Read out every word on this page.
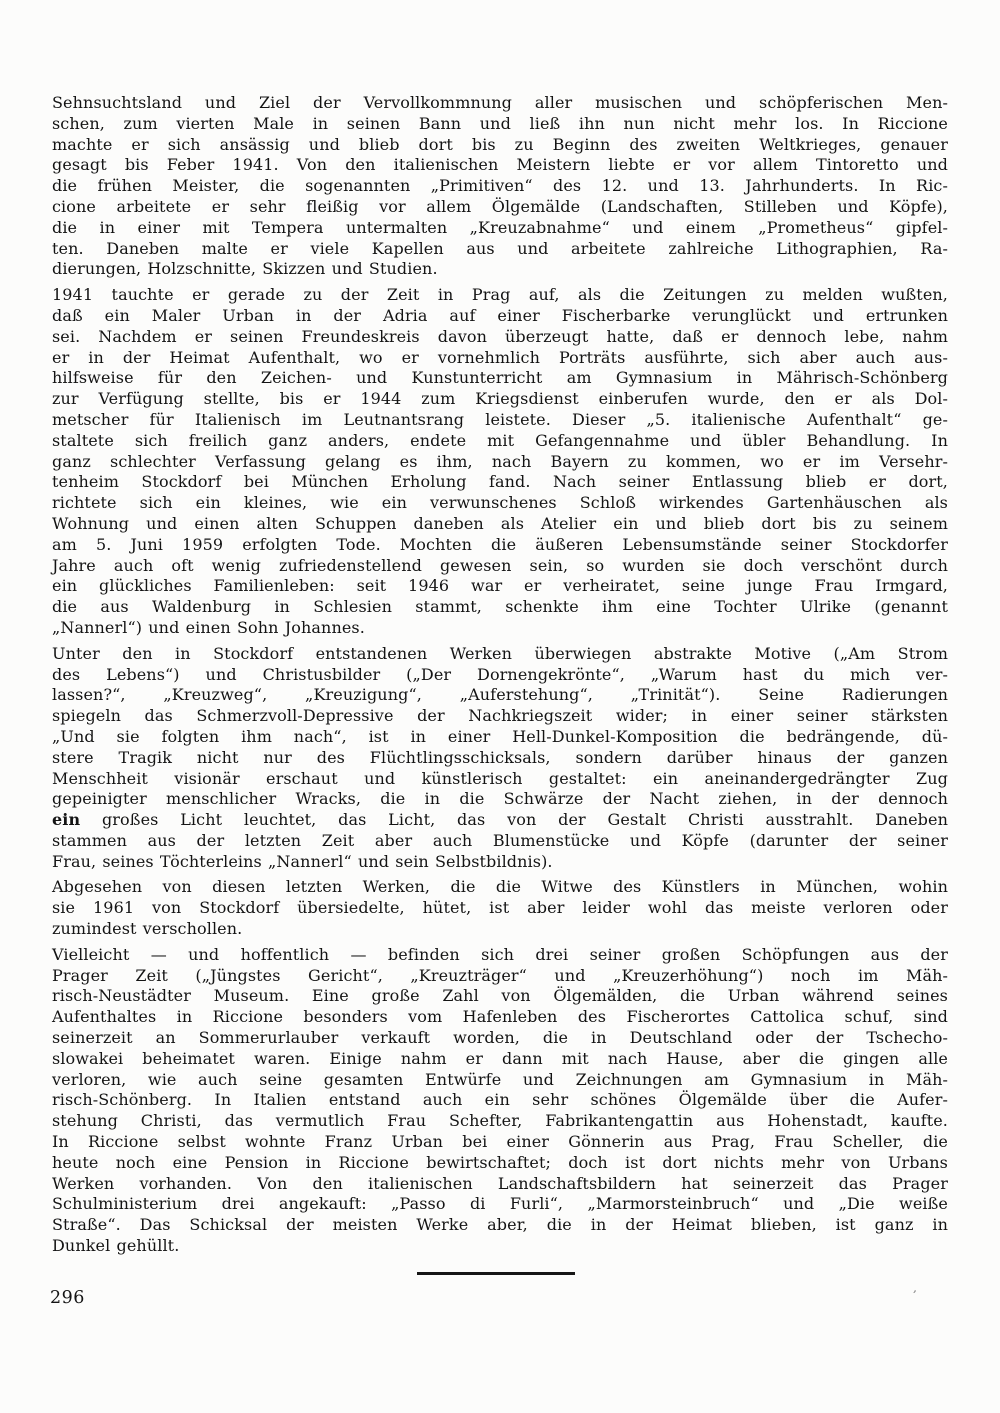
Sehnsuchtsland und Ziel der Vervollkommnung aller musischen und schöpferischen Men-
schen, zum vierten Male in seinen Bann und ließ ihn nun nicht mehr los. In Riccione
machte er sich ansässig und blieb dort bis zu Beginn des zweiten Weltkrieges, genauer
gesagt bis Feber 1941. Von den italienischen Meistern liebte er vor allem Tintoretto und
die frühen Meister, die sogenannten „Primitiven“ des 12. und 13. Jahrhunderts. In Ric-
cione arbeitete er sehr fleißig vor allem Ölgemälde (Landschaften, Stilleben und Köpfe),
die in einer mit Tempera untermalten „Kreuzabnahme“ und einem „Prometheus“ gipfel-
ten. Daneben malte er viele Kapellen aus und arbeitete zahlreiche Lithographien, Ra-
dierungen, Holzschnitte, Skizzen und Studien.
1941 tauchte er gerade zu der Zeit in Prag auf, als die Zeitungen zu melden wußten,
daß ein Maler Urban in der Adria auf einer Fischerbarke verunglückt und ertrunken
sei. Nachdem er seinen Freundeskreis davon überzeugt hatte, daß er dennoch lebe, nahm
er in der Heimat Aufenthalt, wo er vornehmlich Porträts ausführte, sich aber auch aus-
hilfsweise für den Zeichen- und Kunstunterricht am Gymnasium in Mährisch-Schönberg
zur Verfügung stellte, bis er 1944 zum Kriegsdienst einberufen wurde, den er als Dol-
metscher für Italienisch im Leutnantsrang leistete. Dieser „5. italienische Aufenthalt“ ge-
staltete sich freilich ganz anders, endete mit Gefangennahme und übler Behandlung. In
ganz schlechter Verfassung gelang es ihm, nach Bayern zu kommen, wo er im Versehr-
tenheim Stockdorf bei München Erholung fand. Nach seiner Entlassung blieb er dort,
richtete sich ein kleines, wie ein verwunschenes Schloß wirkendes Gartenhäuschen als
Wohnung und einen alten Schuppen daneben als Atelier ein und blieb dort bis zu seinem
am 5. Juni 1959 erfolgten Tode. Mochten die äußeren Lebensumstände seiner Stockdorfer
Jahre auch oft wenig zufriedenstellend gewesen sein, so wurden sie doch verschönt durch
ein glückliches Familienleben: seit 1946 war er verheiratet, seine junge Frau Irmgard,
die aus Waldenburg in Schlesien stammt, schenkte ihm eine Tochter Ulrike (genannt
„Nannerl“) und einen Sohn Johannes.
Unter den in Stockdorf entstandenen Werken überwiegen abstrakte Motive („Am Strom
des Lebens“) und Christusbilder („Der Dornengekrönte“, „Warum hast du mich ver-
lassen?“, „Kreuzweg“, „Kreuzigung“, „Auferstehung“, „Trinität“). Seine Radierungen
spiegeln das Schmerzvoll-Depressive der Nachkriegszeit wider; in einer seiner stärksten
„Und sie folgten ihm nach“, ist in einer Hell-Dunkel-Komposition die bedrängende, dü-
stere Tragik nicht nur des Flüchtlingsschicksals, sondern darüber hinaus der ganzen
Menschheit visionär erschaut und künstlerisch gestaltet: ein aneinandergedrängter Zug
gepeinigter menschlicher Wracks, die in die Schwärze der Nacht ziehen, in der dennoch
ein großes Licht leuchtet, das Licht, das von der Gestalt Christi ausstrahlt. Daneben
stammen aus der letzten Zeit aber auch Blumenstücke und Köpfe (darunter der seiner
Frau, seines Töchterleins „Nannerl“ und sein Selbstbildnis).
Abgesehen von diesen letzten Werken, die die Witwe des Künstlers in München, wohin
sie 1961 von Stockdorf übersiedelte, hütet, ist aber leider wohl das meiste verloren oder
zumindest verschollen.
Vielleicht — und hoffentlich — befinden sich drei seiner großen Schöpfungen aus der
Prager Zeit („Jüngstes Gericht“, „Kreuzträger“ und „Kreuzerhöhung“) noch im Mäh-
risch-Neustädter Museum. Eine große Zahl von Ölgemälden, die Urban während seines
Aufenthaltes in Riccione besonders vom Hafenleben des Fischerortes Cattolica schuf, sind
seinerzeit an Sommerurlauber verkauft worden, die in Deutschland oder der Tschecho-
slowakei beheimatet waren. Einige nahm er dann mit nach Hause, aber die gingen alle
verloren, wie auch seine gesamten Entwürfe und Zeichnungen am Gymnasium in Mäh-
risch-Schönberg. In Italien entstand auch ein sehr schönes Ölgemälde über die Aufer-
stehung Christi, das vermutlich Frau Schefter, Fabrikantengattin aus Hohenstadt, kaufte.
In Riccione selbst wohnte Franz Urban bei einer Gönnerin aus Prag, Frau Scheller, die
heute noch eine Pension in Riccione bewirtschaftet; doch ist dort nichts mehr von Urbans
Werken vorhanden. Von den italienischen Landschaftsbildern hat seinerzeit das Prager
Schulministerium drei angekauft: „Passo di Furli“, „Marmorsteinbruch“ und „Die weiße
Straße“. Das Schicksal der meisten Werke aber, die in der Heimat blieben, ist ganz in
Dunkel gehüllt.
296	’
